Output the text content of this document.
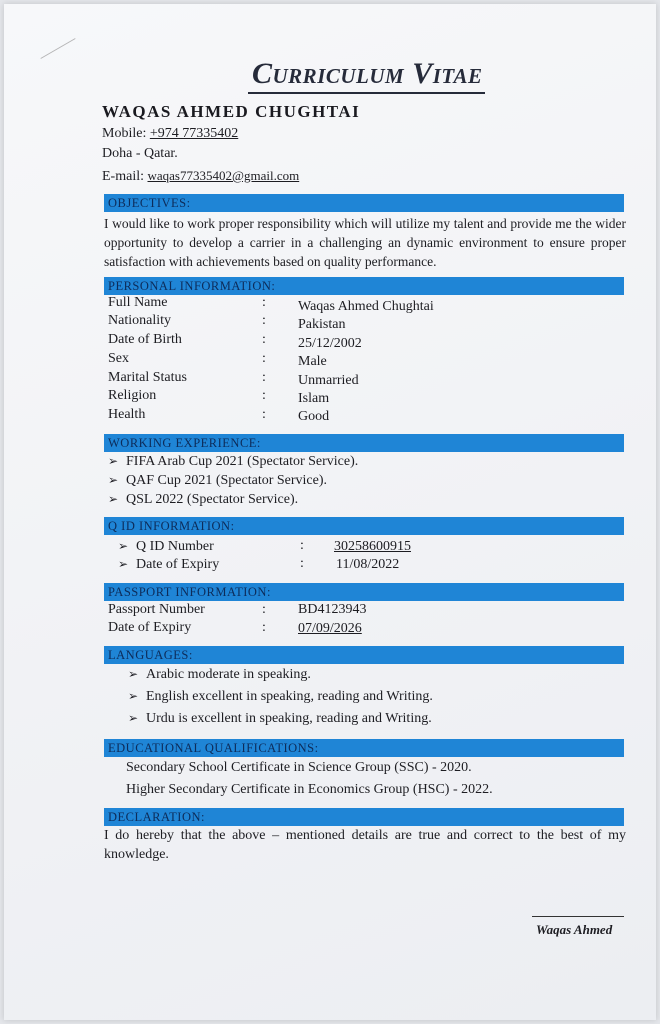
Curriculum Vitae
WAQAS AHMED CHUGHTAI
Mobile: +974 77335402
Doha - Qatar.
E-mail: waqas77335402@gmail.com
OBJECTIVES:
I would like to work proper responsibility which will utilize my talent and provide me the wider opportunity to develop a carrier in a challenging an dynamic environment to ensure proper satisfaction with achievements based on quality performance.
PERSONAL INFORMATION:
Full Name	: Waqas Ahmed Chughtai
Nationality	: Pakistan
Date of Birth	: 25/12/2002
Sex	: Male
Marital Status	: Unmarried
Religion	: Islam
Health	: Good
WORKING EXPERIENCE:
➢ FIFA Arab Cup 2021 (Spectator Service).
➢ QAF Cup 2021 (Spectator Service).
➢ QSL 2022 (Spectator Service).
Q ID INFORMATION:
➢ Q ID Number	: 30258600915
➢ Date of Expiry	: 11/08/2022
PASSPORT INFORMATION:
Passport Number	: BD4123943
Date of Expiry	: 07/09/2026
LANGUAGES:
➢ Arabic moderate in speaking.
➢ English excellent in speaking, reading and Writing.
➢ Urdu is excellent in speaking, reading and Writing.
EDUCATIONAL QUALIFICATIONS:
Secondary School Certificate in Science Group (SSC) - 2020.
Higher Secondary Certificate in Economics Group (HSC) - 2022.
DECLARATION:
I do hereby that the above – mentioned details are true and correct to the best of my knowledge.
Waqas Ahmed
